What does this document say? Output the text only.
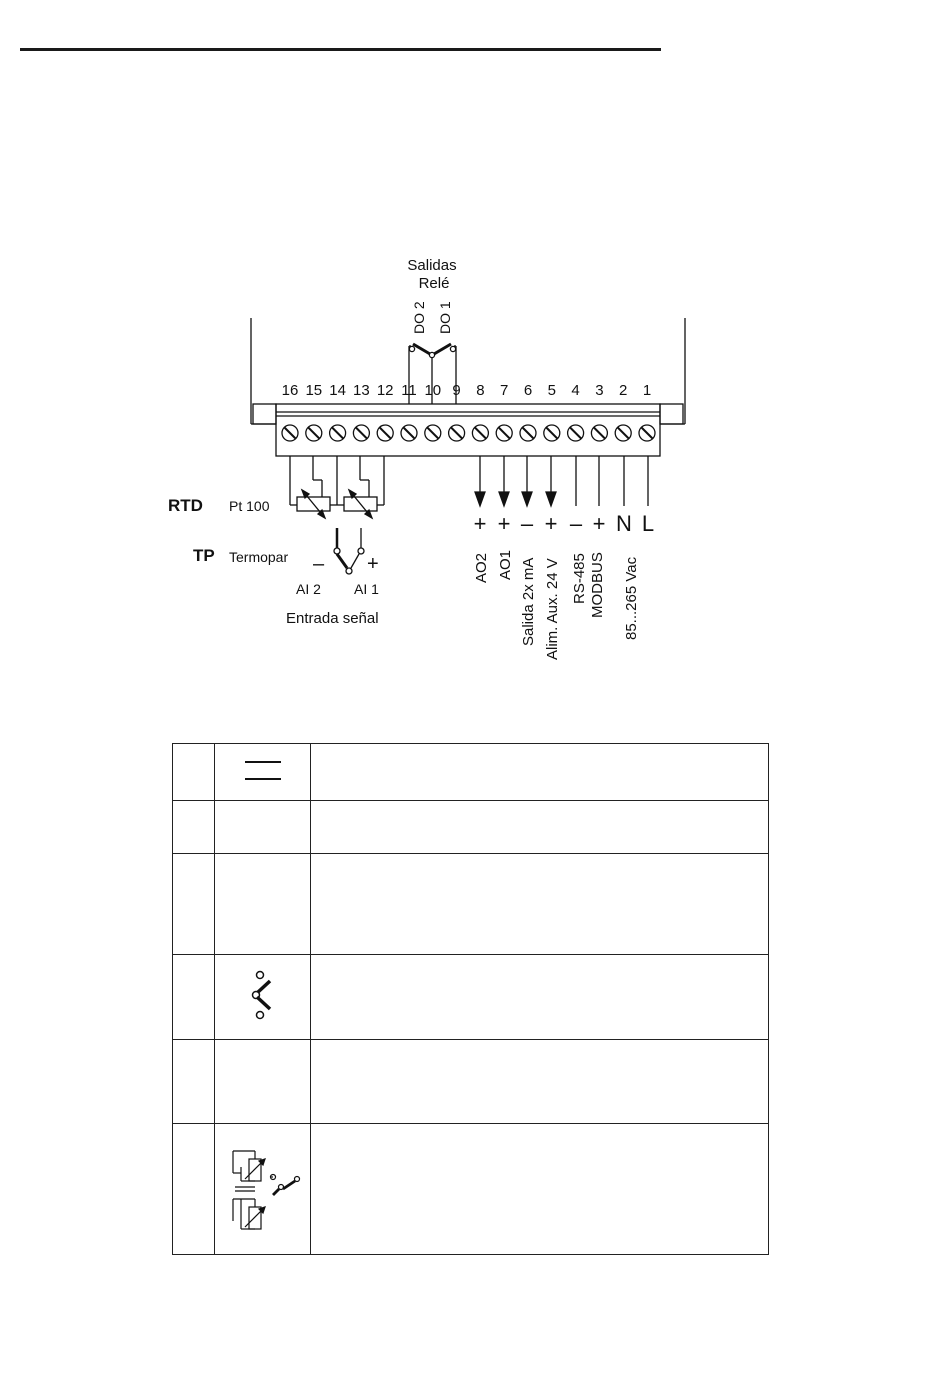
16 15 14 13 12 11 10 9 8 7 6 5 4 3 2 1
Salidas
Relé
DO 2 DO 1
RTD Pt 100
TP Termopar – +
AI 2 AI 1
Entrada señal
+ + – + – + N L
AO2 AO1 Salida 2x mA Alim. Aux. 24 V RS-485 MODBUS 85...265 Vac
